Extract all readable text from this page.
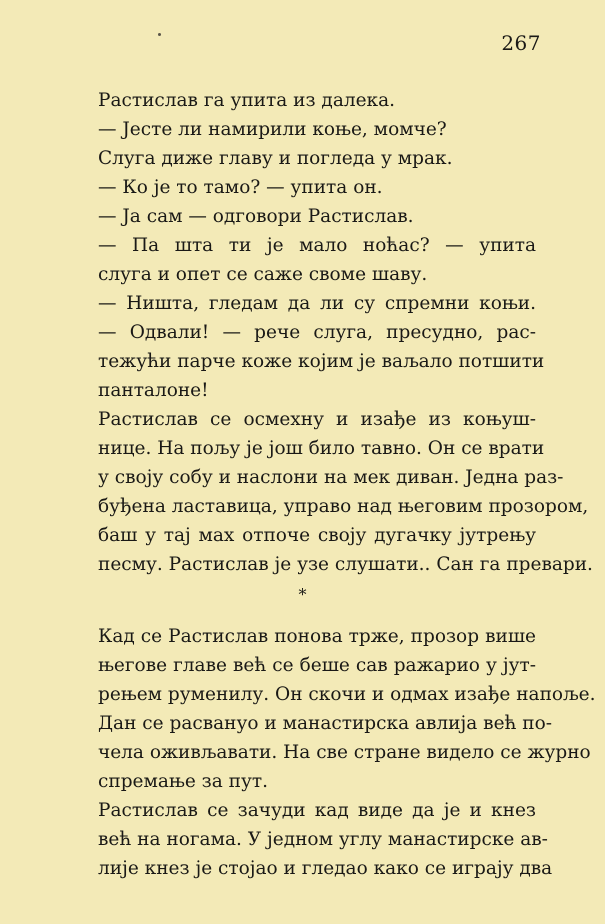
267
Растислав га упита из далека.
— Јесте ли намирили коње, момче?
Слуга диже главу и погледа у мрак.
— Ко је то тамо? — упита он.
— Ја сам — одговори Растислав.
— Па шта ти је мало ноћас? — упита
слуга и опет се саже своме шаву.
— Ништа, гледам да ли су спремни коњи.
— Одвали! — рече слуга, пресудно, рас-
тежући парче коже којим је ваљало потшити
панталоне!
Растислав се осмехну и изађе из коњуш-
нице. На пољу је још било тавно. Он се врати
у своју собу и наслони на мек диван. Једна раз-
буђена ластавица, управо над његовим прозором,
баш у тај мах отпоче своју дугачку јутрењу
песму. Растислав је узе слушати.. Сан га превари.
*
Кад се Растислав понова трже, прозор више
његове главе већ се беше сав ражарио у јут-
рењем руменилу. Он скочи и одмах изађе напоље.
Дан се расвануо и манастирска авлија већ по-
чела оживљавати. На све стране видело се журно
спремање за пут.
Растислав се зачуди кад виде да је и кнез
већ на ногама. У једном углу манастирске ав-
лије кнез је стојао и гледао како се играју два
